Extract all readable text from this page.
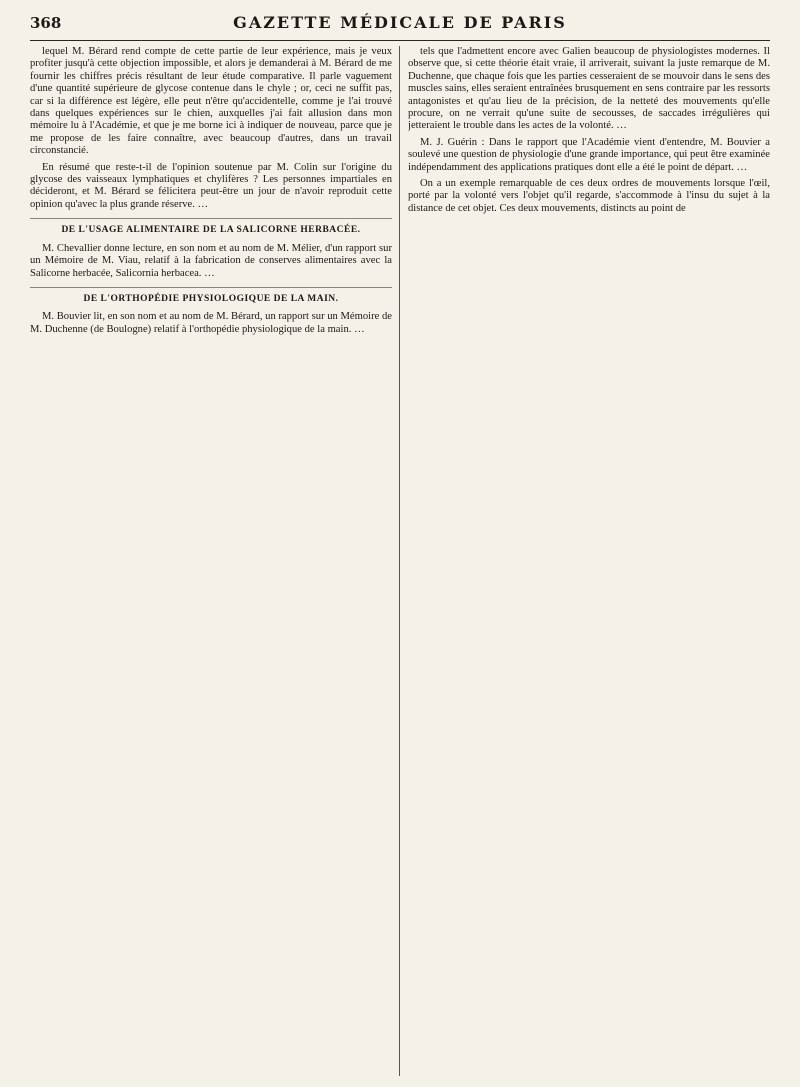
368	GAZETTE MÉDICALE DE PARIS

lequel M. Bérard rend compte de cette partie de leur expérience, mais je veux profiter jusqu'à cette objection impossible, et alors je demanderai à M. Bérard de me fournir les chiffres précis résultant de leur étude comparative. Il parle vaguement d'une quantité supérieure de glycose contenue dans le chyle ; or, ceci ne suffit pas, car si la différence est légère, elle peut n'être qu'accidentelle, comme je l'ai trouvé dans quelques expériences sur le chien, auxquelles j'ai fait allusion dans mon mémoire lu à l'Académie, et que je me borne ici à indiquer de nouveau, parce que je me propose de les faire connaître, avec beaucoup d'autres, dans un travail circonstancié.

En résumé que reste-t-il de l'opinion soutenue par M. Colin sur l'origine du glycose des vaisseaux lymphatiques et chylifères ? Les personnes impartiales en décideront, et M. Bérard se félicitera peut-être un jour de n'avoir reproduit cette opinion qu'avec la plus grande réserve. …

DE L'USAGE ALIMENTAIRE DE LA SALICORNE HERBACÉE.

M. Chevallier donne lecture, en son nom et au nom de M. Mélier, d'un rapport sur un Mémoire de M. Viau, relatif à la fabrication de conserves alimentaires avec la Salicorne herbacée, Salicornia herbacea. …

DE L'ORTHOPÉDIE PHYSIOLOGIQUE DE LA MAIN.

M. Bouvier lit, en son nom et au nom de M. Bérard, un rapport sur un Mémoire de M. Duchenne (de Boulogne) relatif à l'orthopédie physiologique de la main. …

tels que l'admettent encore avec Galien beaucoup de physiologistes modernes. Il observe que, si cette théorie était vraie, il arriverait, suivant la juste remarque de M. Duchenne, que chaque fois que les parties cesseraient de se mouvoir dans le sens des muscles sains, elles seraient entraînées brusquement en sens contraire par les ressorts antagonistes et qu'au lieu de la précision, de la netteté des mouvements qu'elle procure, on ne verrait qu'une suite de secousses, de saccades irrégulières qui jetteraient le trouble dans les actes de la volonté. …

M. J. Guérin : Dans le rapport que l'Académie vient d'entendre, M. Bouvier a soulevé une question de physiologie d'une grande importance, qui peut être examinée indépendamment des applications pratiques dont elle a été le point de départ. …

On a un exemple remarquable de ces deux ordres de mouvements lorsque l'œil, porté par la volonté vers l'objet qu'il regarde, s'accommode à l'insu du sujet à la distance de cet objet. Ces deux mouvements, distincts au point de
